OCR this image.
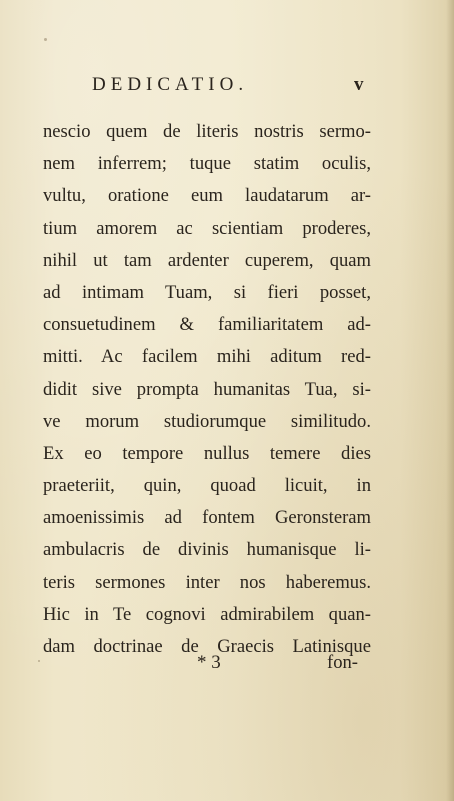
DEDICATIO.	v
nescio quem de literis nostris sermo-
nem inferrem; tuque statim oculis,
vultu, oratione eum laudatarum ar-
tium amorem ac scientiam proderes,
nihil ut tam ardenter cuperem, quam
ad intimam Tuam, si fieri posset,
consuetudinem & familiaritatem ad-
mitti. Ac facilem mihi aditum red-
didit sive prompta humanitas Tua, si-
ve morum studiorumque similitudo.
Ex eo tempore nullus temere dies
praeteriit, quin, quoad licuit, in
amoenissimis ad fontem Geronsteram
ambulacris de divinis humanisque li-
teris sermones inter nos haberemus.
Hic in Te cognovi admirabilem quan-
dam doctrinae de Graecis Latinisque
* 3	fon-
